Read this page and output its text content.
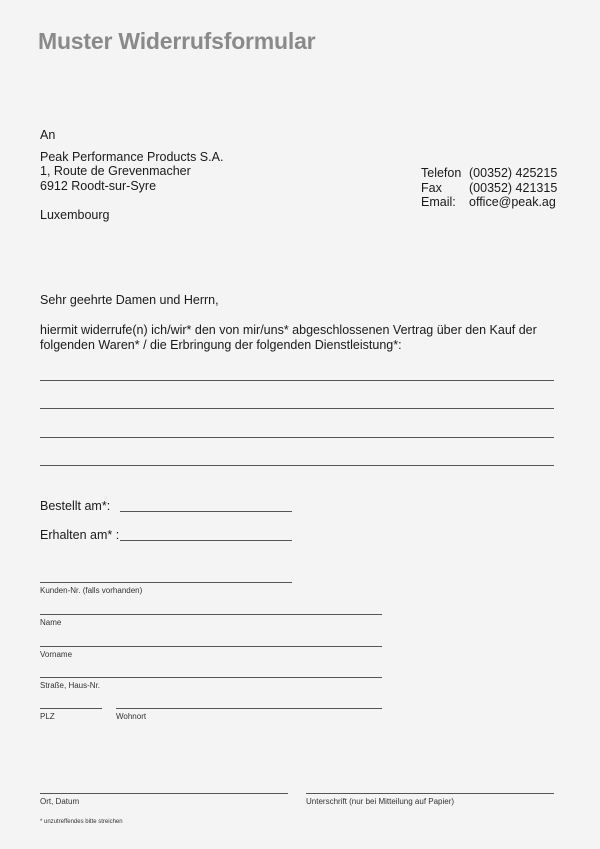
Muster Widerrufsformular
An
Peak Performance Products S.A.
1, Route de Grevenmacher
6912 Roodt-sur-Syre
Luxembourg
Telefon (00352) 425215
Fax	(00352) 421315
Email:	office@peak.ag
Sehr geehrte Damen und Herrn,
hiermit widerrufe(n) ich/wir* den von mir/uns* abgeschlossenen Vertrag über den Kauf der
folgenden Waren* / die Erbringung der folgenden Dienstleistung*:
Bestellt am*:
Erhalten am* :
Kunden-Nr. (falls vorhanden)
Name
Vorname
Straße, Haus-Nr.
PLZ	Wohnort
Ort, Datum	Unterschrift (nur bei Mitteilung auf Papier)
* unzutreffendes bitte streichen
